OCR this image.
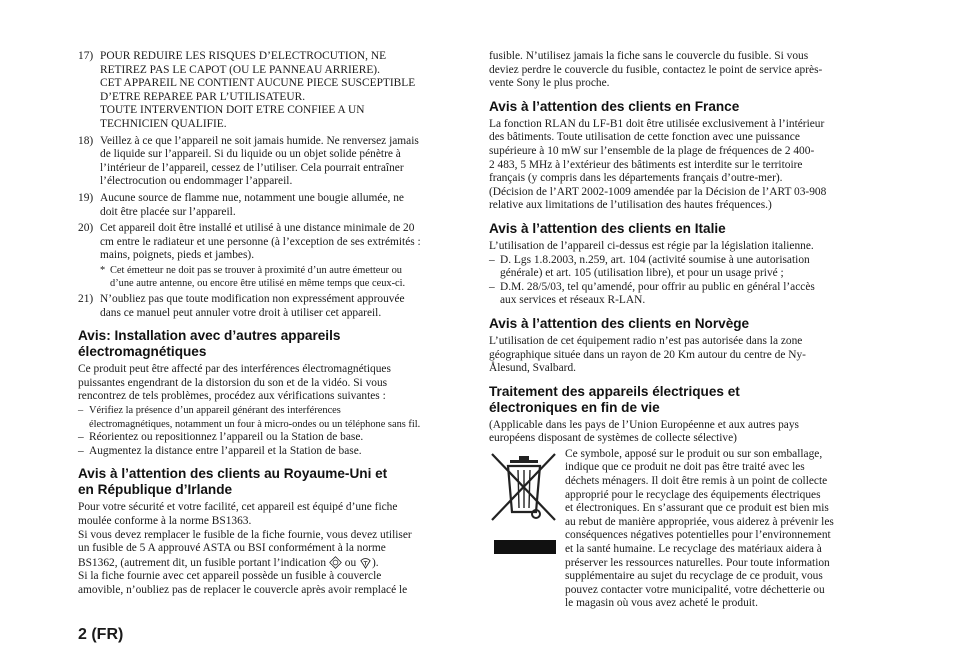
17) POUR REDUIRE LES RISQUES D’ELECTROCUTION, NE
RETIREZ PAS LE CAPOT (OU LE PANNEAU ARRIERE).
CET APPAREIL NE CONTIENT AUCUNE PIECE SUSCEPTIBLE
D’ETRE REPAREE PAR L’UTILISATEUR.
TOUTE INTERVENTION DOIT ETRE CONFIEE A UN
TECHNICIEN QUALIFIE.
18) Veillez à ce que l’appareil ne soit jamais humide. Ne renversez jamais
de liquide sur l’appareil. Si du liquide ou un objet solide pénètre à
l’intérieur de l’appareil, cessez de l’utiliser. Cela pourrait entraîner
l’électrocution ou endommager l’appareil.
19) Aucune source de flamme nue, notamment une bougie allumée, ne
doit être placée sur l’appareil.
20) Cet appareil doit être installé et utilisé à une distance minimale de 20
cm entre le radiateur et une personne (à l’exception de ses extrémités :
mains, poignets, pieds et jambes).
* Cet émetteur ne doit pas se trouver à proximité d’un autre émetteur ou
d’une autre antenne, ou encore être utilisé en même temps que ceux-ci.
21) N’oubliez pas que toute modification non expressément approuvée
dans ce manuel peut annuler votre droit à utiliser cet appareil.
Avis: Installation avec d’autres appareils
électromagnétiques
Ce produit peut être affecté par des interférences électromagnétiques
puissantes engendrant de la distorsion du son et de la vidéo. Si vous
rencontrez de tels problèmes, procédez aux vérifications suivantes :
– Vérifiez la présence d’un appareil générant des interférences
électromagnétiques, notamment un four à micro-ondes ou un téléphone sans fil.
– Réorientez ou repositionnez l’appareil ou la Station de base.
– Augmentez la distance entre l’appareil et la Station de base.
Avis à l’attention des clients au Royaume-Uni et
en République d’Irlande
Pour votre sécurité et votre facilité, cet appareil est équipé d’une fiche
moulée conforme à la norme BS1363.
Si vous devez remplacer le fusible de la fiche fournie, vous devez utiliser
un fusible de 5 A approuvé ASTA ou BSI conformément à la norme
BS1362, (autrement dit, un fusible portant l’indication ou ).
Si la fiche fournie avec cet appareil possède un fusible à couvercle
amovible, n’oubliez pas de replacer le couvercle après avoir remplacé le
fusible. N’utilisez jamais la fiche sans le couvercle du fusible. Si vous
deviez perdre le couvercle du fusible, contactez le point de service après-
vente Sony le plus proche.
Avis à l’attention des clients en France
La fonction RLAN du LF-B1 doit être utilisée exclusivement à l’intérieur
des bâtiments. Toute utilisation de cette fonction avec une puissance
supérieure à 10 mW sur l’ensemble de la plage de fréquences de 2 400-
2 483, 5 MHz à l’extérieur des bâtiments est interdite sur le territoire
français (y compris dans les départements français d’outre-mer).
(Décision de l’ART 2002-1009 amendée par la Décision de l’ART 03-908
relative aux limitations de l’utilisation des hautes fréquences.)
Avis à l’attention des clients en Italie
L’utilisation de l’appareil ci-dessus est régie par la législation italienne.
– D. Lgs 1.8.2003, n.259, art. 104 (activité soumise à une autorisation
générale) et art. 105 (utilisation libre), et pour un usage privé ;
– D.M. 28/5/03, tel qu’amendé, pour offrir au public en général l’accès
aux services et réseaux R-LAN.
Avis à l’attention des clients en Norvège
L’utilisation de cet équipement radio n’est pas autorisée dans la zone
géographique située dans un rayon de 20 Km autour du centre de Ny-
Ålesund, Svalbard.
Traitement des appareils électriques et
électroniques en fin de vie
(Applicable dans les pays de l’Union Européenne et aux autres pays
européens disposant de systèmes de collecte sélective)
Ce symbole, apposé sur le produit ou sur son emballage,
indique que ce produit ne doit pas être traité avec les
déchets ménagers. Il doit être remis à un point de collecte
approprié pour le recyclage des équipements électriques
et électroniques. En s’assurant que ce produit est bien mis
au rebut de manière appropriée, vous aiderez à prévenir les
conséquences négatives potentielles pour l’environnement
et la santé humaine. Le recyclage des matériaux aidera à
préserver les ressources naturelles. Pour toute information
supplémentaire au sujet du recyclage de ce produit, vous
pouvez contacter votre municipalité, votre déchetterie ou
le magasin où vous avez acheté le produit.
2 (FR)
